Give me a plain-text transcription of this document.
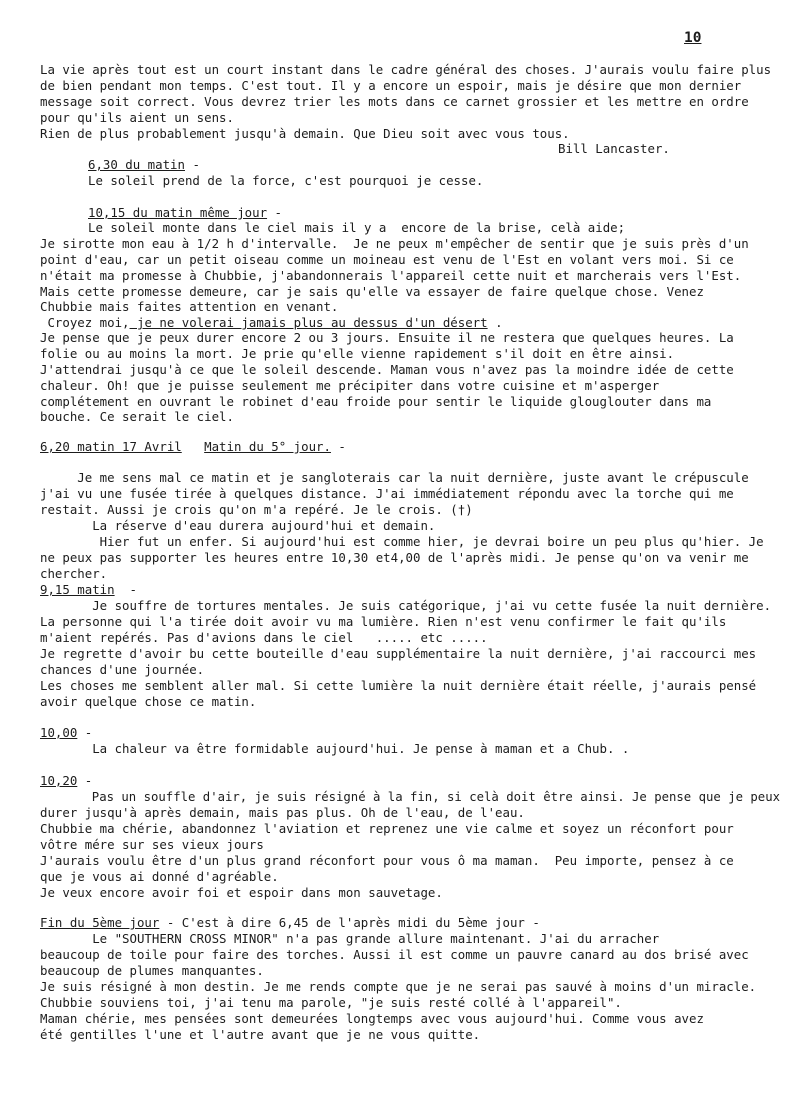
10
La vie après tout est un court instant dans le cadre général des choses. J'aurais voulu faire plus
de bien pendant mon temps. C'est tout. Il y a encore un espoir, mais je désire que mon dernier
message soit correct. Vous devrez trier les mots dans ce carnet grossier et les mettre en ordre
pour qu'ils aient un sens.
Rien de plus probablement jusqu'à demain. Que Dieu soit avec vous tous.
Bill Lancaster.
6,30 du matin -
Le soleil prend de la force, c'est pourquoi je cesse.
10,15 du matin même jour -
Le soleil monte dans le ciel mais il y a  encore de la brise, celà aide;
Je sirotte mon eau à 1/2 h d'intervalle.  Je ne peux m'empêcher de sentir que je suis près d'un
point d'eau, car un petit oiseau comme un moineau est venu de l'Est en volant vers moi. Si ce
n'était ma promesse à Chubbie, j'abandonnerais l'appareil cette nuit et marcherais vers l'Est.
Mais cette promesse demeure, car je sais qu'elle va essayer de faire quelque chose. Venez
Chubbie mais faites attention en venant.
Croyez moi, je ne volerai jamais plus au dessus d'un désert .
Je pense que je peux durer encore 2 ou 3 jours. Ensuite il ne restera que quelques heures. La
folie ou au moins la mort. Je prie qu'elle vienne rapidement s'il doit en être ainsi.
J'attendrai jusqu'à ce que le soleil descende. Maman vous n'avez pas la moindre idée de cette
chaleur. Oh! que je puisse seulement me précipiter dans votre cuisine et m'asperger
complétement en ouvrant le robinet d'eau froide pour sentir le liquide glouglouter dans ma
bouche. Ce serait le ciel.
6,20 matin 17 Avril Matin du 5° jour. -
Je me sens mal ce matin et je sangloterais car la nuit dernière, juste avant le crépuscule
j'ai vu une fusée tirée à quelques distance. J'ai immédiatement répondu avec la torche qui me
restait. Aussi je crois qu'on m'a repéré. Je le crois. (†)
La réserve d'eau durera aujourd'hui et demain.
Hier fut un enfer. Si aujourd'hui est comme hier, je devrai boire un peu plus qu'hier. Je
ne peux pas supporter les heures entre 10,30 et4,00 de l'après midi. Je pense qu'on va venir me
chercher.
9,15 matin  -
Je souffre de tortures mentales. Je suis catégorique, j'ai vu cette fusée la nuit dernière.
La personne qui l'a tirée doit avoir vu ma lumière. Rien n'est venu confirmer le fait qu'ils
m'aient repérés. Pas d'avions dans le ciel   ..... etc .....
Je regrette d'avoir bu cette bouteille d'eau supplémentaire la nuit dernière, j'ai raccourci mes
chances d'une journée.
Les choses me semblent aller mal. Si cette lumière la nuit dernière était réelle, j'aurais pensé
avoir quelque chose ce matin.
10,00 -
La chaleur va être formidable aujourd'hui. Je pense à maman et a Chub. .
10,20 -
Pas un souffle d'air, je suis résigné à la fin, si celà doit être ainsi. Je pense que je peux
durer jusqu'à après demain, mais pas plus. Oh de l'eau, de l'eau.
Chubbie ma chérie, abandonnez l'aviation et reprenez une vie calme et soyez un réconfort pour
vôtre mére sur ses vieux jours
J'aurais voulu être d'un plus grand réconfort pour vous ô ma maman.  Peu importe, pensez à ce
que je vous ai donné d'agréable.
Je veux encore avoir foi et espoir dans mon sauvetage.
Fin du 5ème jour - C'est à dire 6,45 de l'après midi du 5ème jour -
Le "SOUTHERN CROSS MINOR" n'a pas grande allure maintenant. J'ai du arracher
beaucoup de toile pour faire des torches. Aussi il est comme un pauvre canard au dos brisé avec
beaucoup de plumes manquantes.
Je suis résigné à mon destin. Je me rends compte que je ne serai pas sauvé à moins d'un miracle.
Chubbie souviens toi, j'ai tenu ma parole, "je suis resté collé à l'appareil".
Maman chérie, mes pensées sont demeurées longtemps avec vous aujourd'hui. Comme vous avez
été gentilles l'une et l'autre avant que je ne vous quitte.
